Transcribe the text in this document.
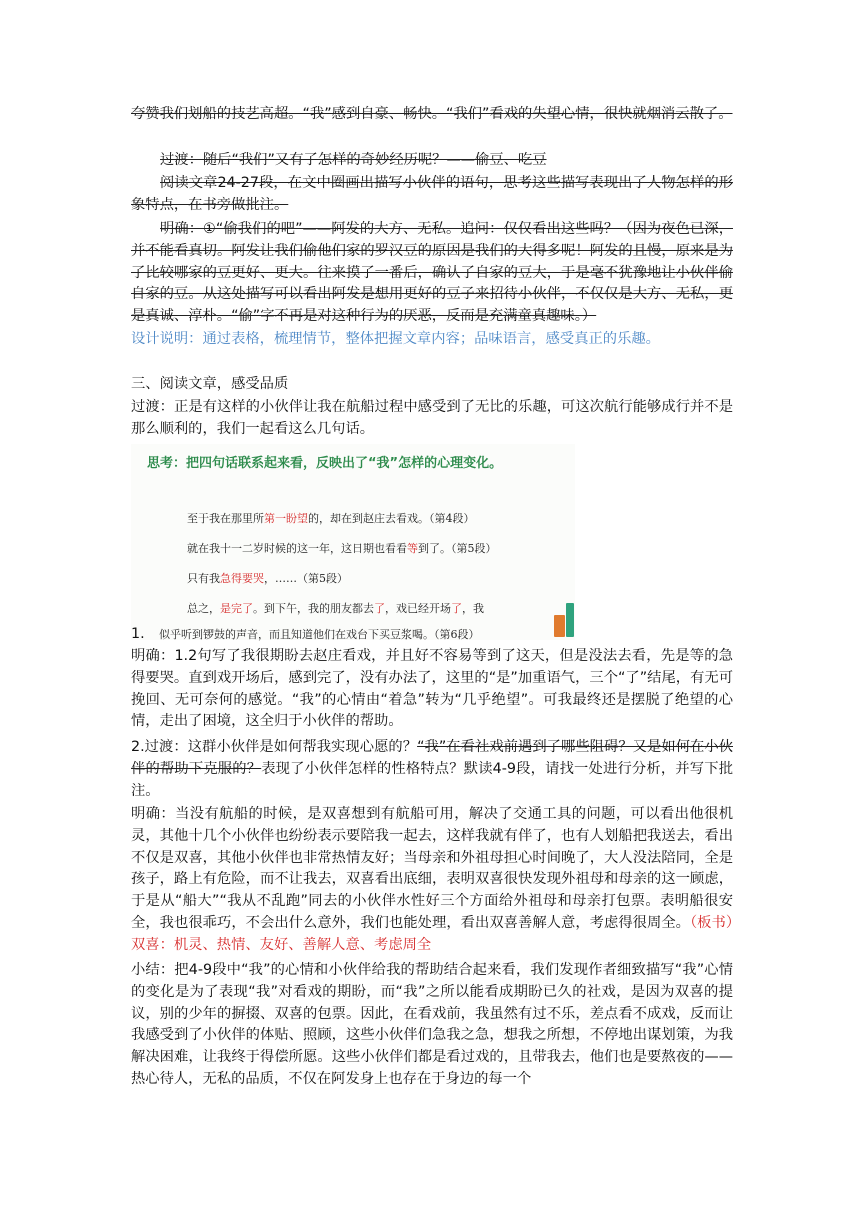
夸赞我们划船的技艺高超。“我”感到自豪、畅快。“我们”看戏的失望心情，很快就烟消云散了。

过渡：随后“我们”又有了怎样的奇妙经历呢？——偷豆、吃豆

阅读文章24-27段，在文中圈画出描写小伙伴的语句，思考这些描写表现出了人物怎样的形象特点，在书旁做批注。

明确：①“偷我们的吧”——阿发的大方、无私。追问：仅仅看出这些吗？（因为夜色已深，并不能看真切。阿发让我们偷他们家的罗汉豆的原因是我们的大得多呢！阿发的且慢，原来是为了比较哪家的豆更好、更大。往来摸了一番后，确认了自家的豆大，于是毫不犹豫地让小伙伴偷自家的豆。从这处描写可以看出阿发是想用更好的豆子来招待小伙伴，不仅仅是大方、无私，更是真诚、淳朴。“偷”字不再是对这种行为的厌恶，反而是充满童真趣味。）

设计说明：通过表格，梳理情节，整体把握文章内容；品味语言，感受真正的乐趣。

三、阅读文章，感受品质

过渡：正是有这样的小伙伴让我在航船过程中感受到了无比的乐趣，可这次航行能够成行并不是那么顺利的，我们一起看这么几句话。

思考：把四句话联系起来看，反映出了“我”怎样的心理变化。
至于我在那里所第一盼望的，却在到赵庄去看戏。（第4段）
就在我十一二岁时候的这一年，这日期也看看等到了。（第5段）
只有我急得要哭，……（第5段）
总之，是完了。到下午，我的朋友都去了，戏已经开场了，我
似乎听到锣鼓的声音，而且知道他们在戏台下买豆浆喝。（第6段）
1.

明确：1.2句写了我很期盼去赵庄看戏，并且好不容易等到了这天，但是没法去看，先是等的急得要哭。直到戏开场后，感到完了，没有办法了，这里的“是”加重语气，三个“了”结尾，有无可挽回、无可奈何的感觉。“我”的心情由“着急”转为“几乎绝望”。可我最终还是摆脱了绝望的心情，走出了困境，这全归于小伙伴的帮助。

2.过渡：这群小伙伴是如何帮我实现心愿的？“我”在看社戏前遇到了哪些阻碍？又是如何在小伙伴的帮助下克服的？表现了小伙伴怎样的性格特点？默读4-9段，请找一处进行分析，并写下批注。

明确：当没有航船的时候，是双喜想到有航船可用，解决了交通工具的问题，可以看出他很机灵，其他十几个小伙伴也纷纷表示要陪我一起去，这样我就有伴了，也有人划船把我送去，看出不仅是双喜，其他小伙伴也非常热情友好；当母亲和外祖母担心时间晚了，大人没法陪同，全是孩子，路上有危险，而不让我去，双喜看出底细，表明双喜很快发现外祖母和母亲的这一顾虑，于是从“船大”“我从不乱跑”同去的小伙伴水性好三个方面给外祖母和母亲打包票。表明船很安全，我也很乖巧，不会出什么意外，我们也能处理，看出双喜善解人意，考虑得很周全。（板书）双喜：机灵、热情、友好、善解人意、考虑周全

小结：把4-9段中“我”的心情和小伙伴给我的帮助结合起来看，我们发现作者细致描写“我”心情的变化是为了表现“我”对看戏的期盼，而“我”之所以能看成期盼已久的社戏，是因为双喜的提议，别的少年的摒掇、双喜的包票。因此，在看戏前，我虽然有过不乐，差点看不成戏，反而让我感受到了小伙伴的体贴、照顾，这些小伙伴们急我之急，想我之所想，不停地出谋划策，为我解决困难，让我终于得偿所愿。这些小伙伴们都是看过戏的，且带我去，他们也是要熬夜的——热心待人，无私的品质，不仅在阿发身上也存在于身边的每一个
